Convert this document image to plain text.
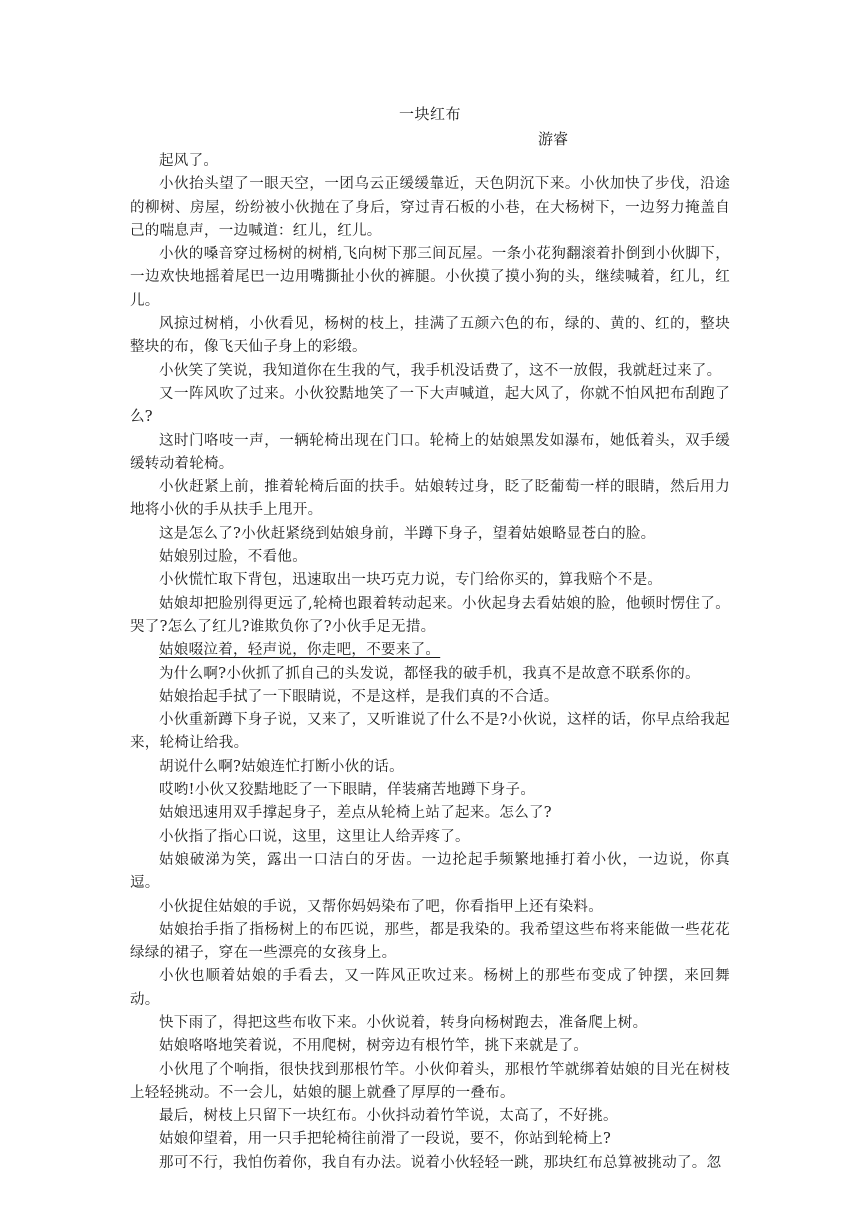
一块红布
游睿

起风了。

小伙抬头望了一眼天空，一团乌云正缓缓靠近，天色阴沉下来。小伙加快了步伐，沿途的柳树、房屋，纷纷被小伙抛在了身后，穿过青石板的小巷，在大杨树下，一边努力掩盖自己的喘息声，一边喊道：红儿，红儿。

小伙的嗓音穿过杨树的树梢,飞向树下那三间瓦屋。一条小花狗翻滚着扑倒到小伙脚下，一边欢快地摇着尾巴一边用嘴撕扯小伙的裤腿。小伙摸了摸小狗的头，继续喊着，红儿，红儿。

风掠过树梢，小伙看见，杨树的枝上，挂满了五颜六色的布，绿的、黄的、红的，整块整块的布，像飞天仙子身上的彩缎。

小伙笑了笑说，我知道你在生我的气，我手机没话费了，这不一放假，我就赶过来了。

又一阵风吹了过来。小伙狡黠地笑了一下大声喊道，起大风了，你就不怕风把布刮跑了么?

这时门咯吱一声，一辆轮椅出现在门口。轮椅上的姑娘黑发如瀑布，她低着头，双手缓缓转动着轮椅。

小伙赶紧上前，推着轮椅后面的扶手。姑娘转过身，眨了眨葡萄一样的眼睛，然后用力地将小伙的手从扶手上甩开。

这是怎么了?小伙赶紧绕到姑娘身前，半蹲下身子，望着姑娘略显苍白的脸。

姑娘别过脸，不看他。

小伙慌忙取下背包，迅速取出一块巧克力说，专门给你买的，算我赔个不是。

姑娘却把脸别得更远了,轮椅也跟着转动起来。小伙起身去看姑娘的脸，他顿时愣住了。哭了?怎么了红儿?谁欺负你了?小伙手足无措。

姑娘啜泣着，轻声说，你走吧，不要来了。

为什么啊?小伙抓了抓自己的头发说，都怪我的破手机，我真不是故意不联系你的。

姑娘抬起手拭了一下眼睛说，不是这样，是我们真的不合适。

小伙重新蹲下身子说，又来了，又听谁说了什么不是?小伙说，这样的话，你早点给我起来，轮椅让给我。

胡说什么啊?姑娘连忙打断小伙的话。

哎哟!小伙又狡黠地眨了一下眼睛，佯装痛苦地蹲下身子。

姑娘迅速用双手撑起身子，差点从轮椅上站了起来。怎么了?

小伙指了指心口说，这里，这里让人给弄疼了。

姑娘破涕为笑，露出一口洁白的牙齿。一边抡起手频繁地捶打着小伙，一边说，你真逗。

小伙捉住姑娘的手说，又帮你妈妈染布了吧，你看指甲上还有染料。

姑娘抬手指了指杨树上的布匹说，那些，都是我染的。我希望这些布将来能做一些花花绿绿的裙子，穿在一些漂亮的女孩身上。

小伙也顺着姑娘的手看去，又一阵风正吹过来。杨树上的那些布变成了钟摆，来回舞动。

快下雨了，得把这些布收下来。小伙说着，转身向杨树跑去，准备爬上树。

姑娘咯咯地笑着说，不用爬树，树旁边有根竹竿，挑下来就是了。

小伙甩了个响指，很快找到那根竹竿。小伙仰着头，那根竹竿就绑着姑娘的目光在树枝上轻轻挑动。不一会儿，姑娘的腿上就叠了厚厚的一叠布。

最后，树枝上只留下一块红布。小伙抖动着竹竿说，太高了，不好挑。

姑娘仰望着，用一只手把轮椅往前滑了一段说，要不，你站到轮椅上?

那可不行，我怕伤着你，我自有办法。说着小伙轻轻一跳，那块红布总算被挑动了。忽
